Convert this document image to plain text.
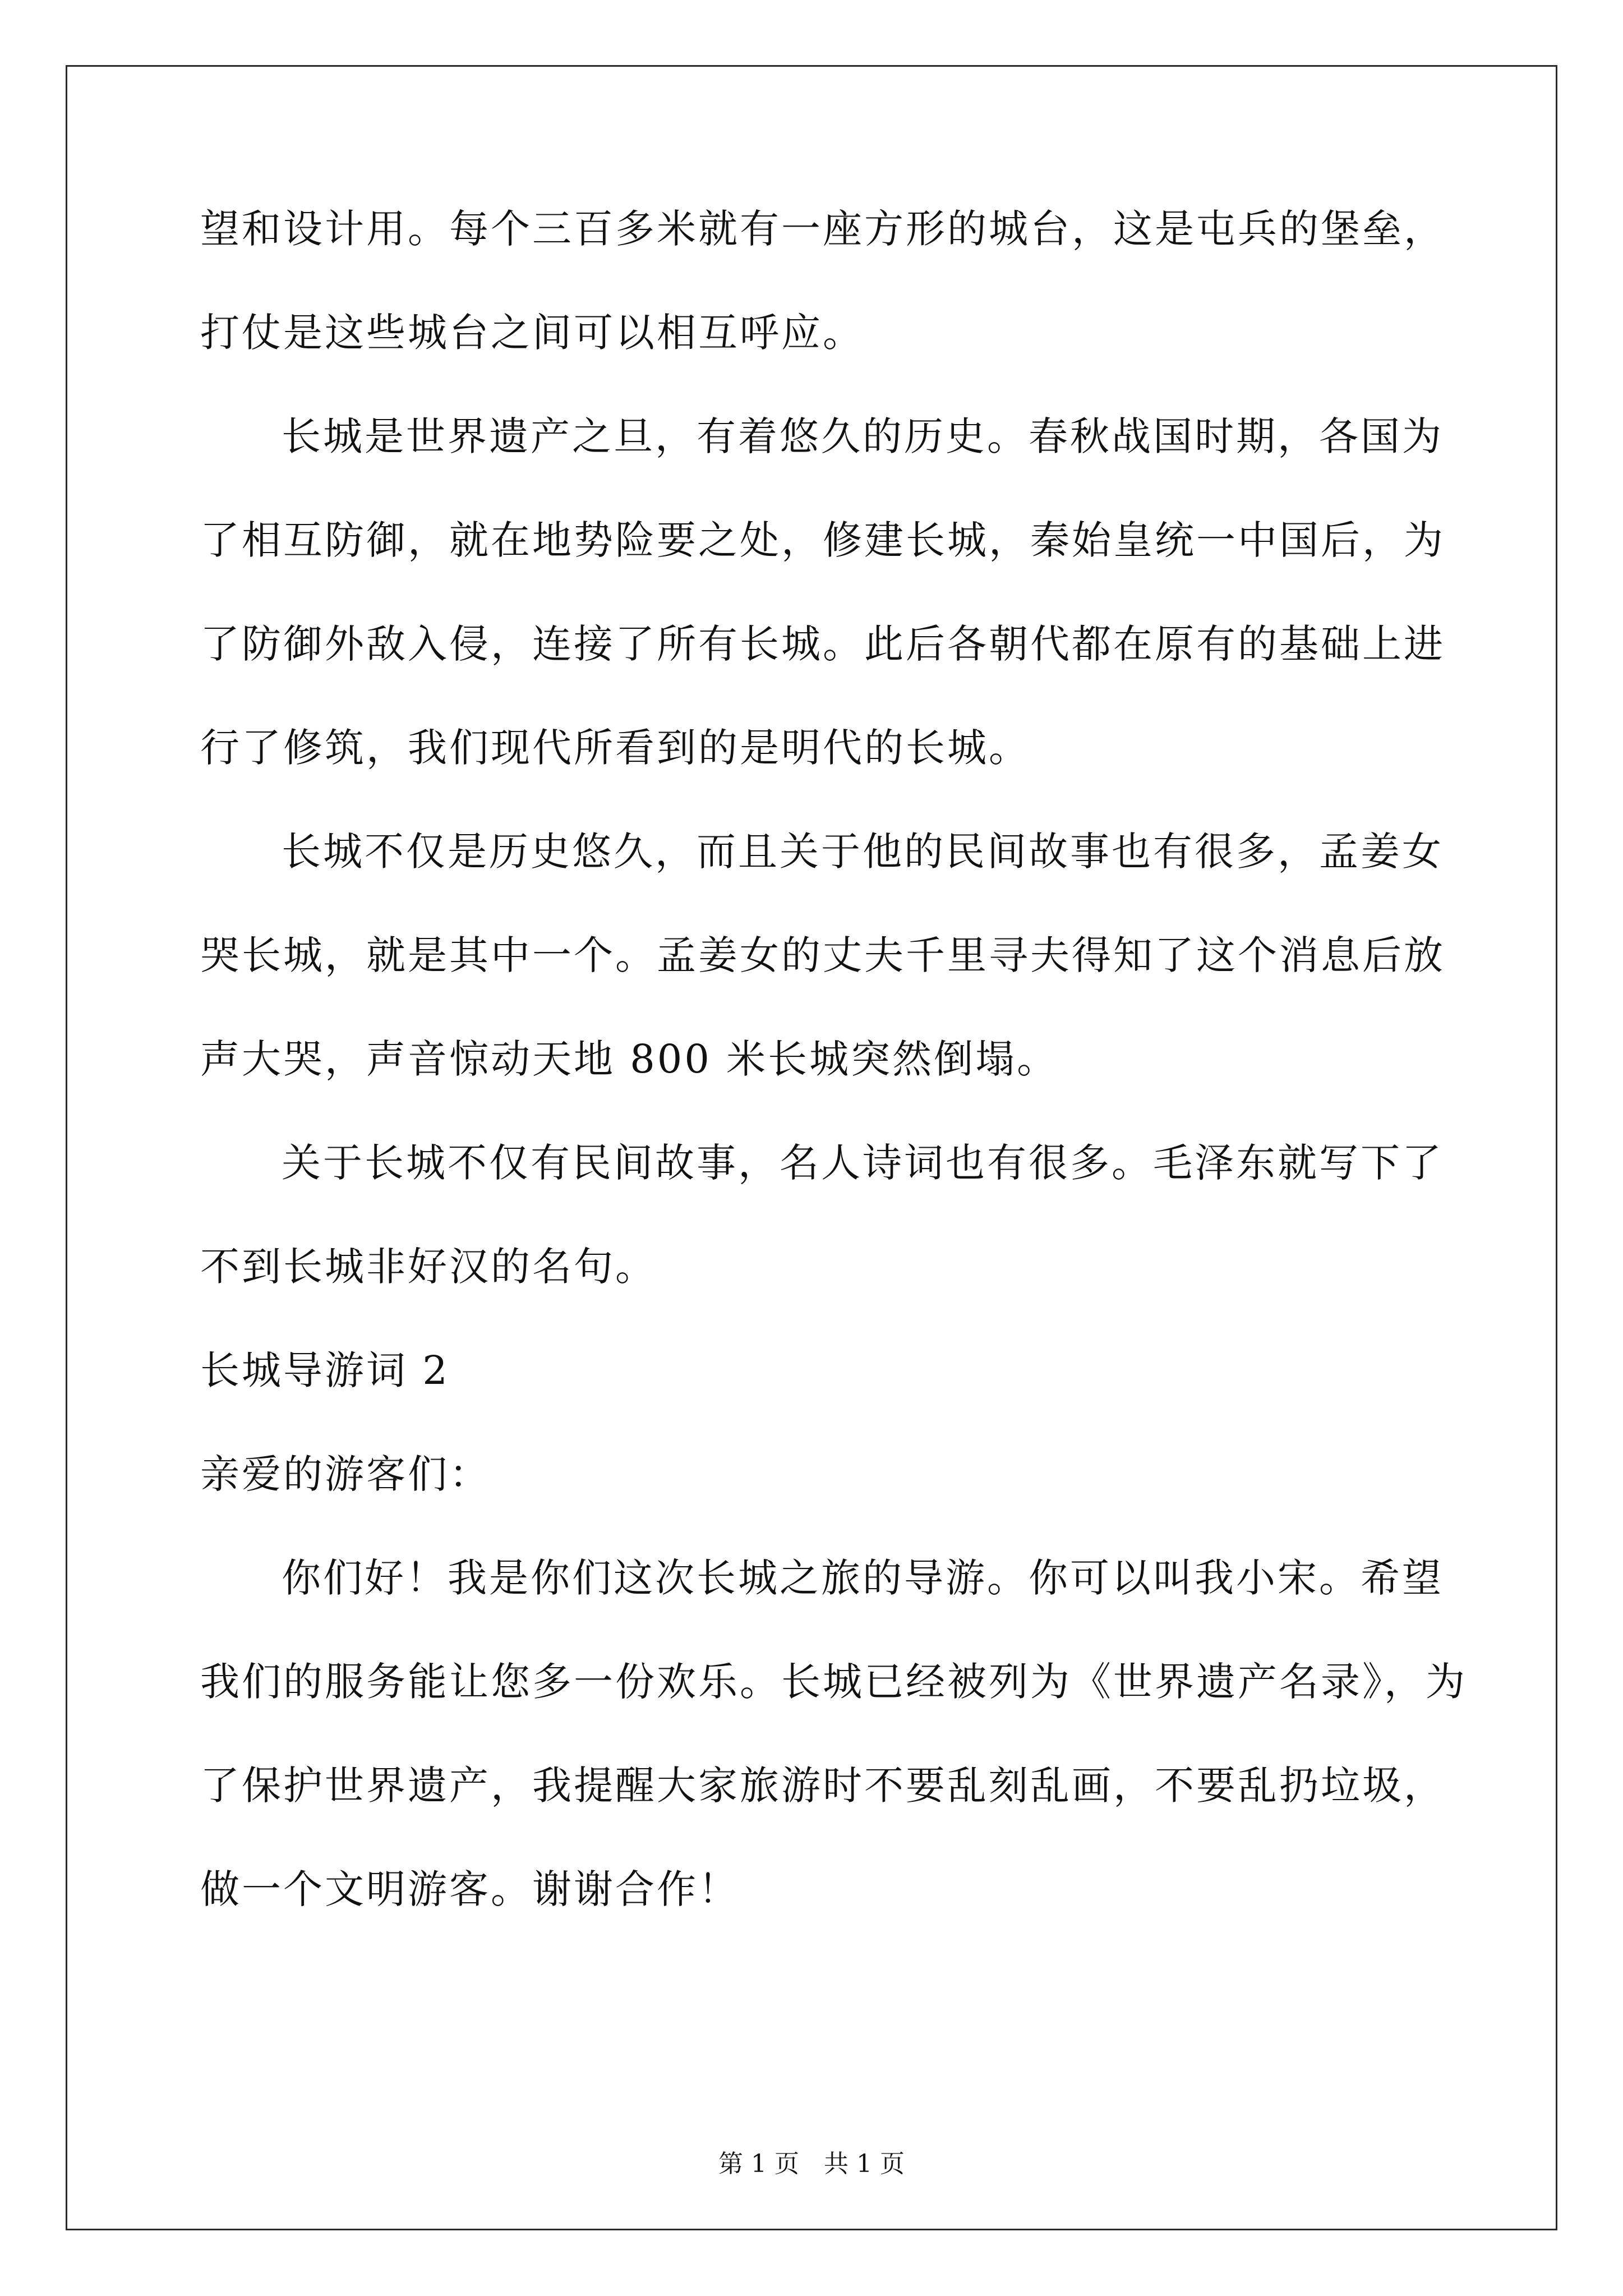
望和设计用。每个三百多米就有一座方形的城台，这是屯兵的堡垒，
打仗是这些城台之间可以相互呼应。
长城是世界遗产之旦，有着悠久的历史。春秋战国时期，各国为
了相互防御，就在地势险要之处，修建长城，秦始皇统一中国后，为
了防御外敌入侵，连接了所有长城。此后各朝代都在原有的基础上进
行了修筑，我们现代所看到的是明代的长城。
长城不仅是历史悠久，而且关于他的民间故事也有很多，孟姜女
哭长城，就是其中一个。孟姜女的丈夫千里寻夫得知了这个消息后放
声大哭，声音惊动天地 800 米长城突然倒塌。
关于长城不仅有民间故事，名人诗词也有很多。毛泽东就写下了
不到长城非好汉的名句。
长城导游词 2
亲爱的游客们：
你们好！我是你们这次长城之旅的导游。你可以叫我小宋。希望
我们的服务能让您多一份欢乐。长城已经被列为《世界遗产名录》，为
了保护世界遗产，我提醒大家旅游时不要乱刻乱画，不要乱扔垃圾，
做一个文明游客。谢谢合作！
第 1 页　共 1 页
